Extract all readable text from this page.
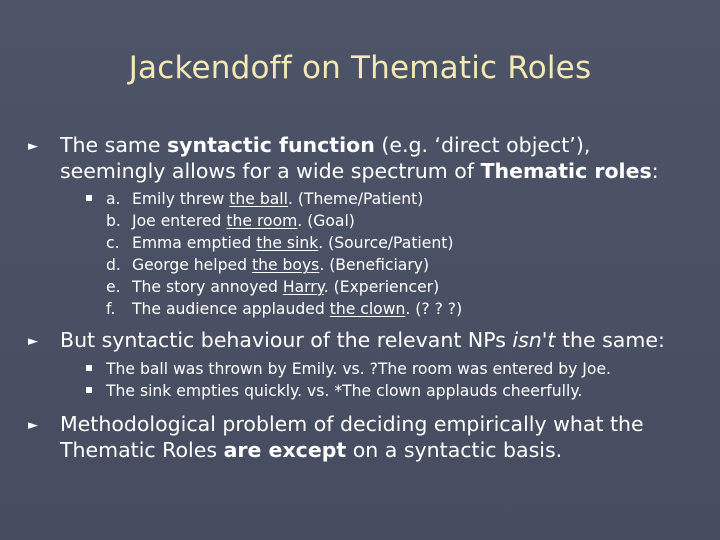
Jackendoff on Thematic Roles
► The same syntactic function (e.g. ‘direct object’), seemingly allows for a wide spectrum of Thematic roles:
a. Emily threw the ball. (Theme/Patient)
b. Joe entered the room. (Goal)
c. Emma emptied the sink. (Source/Patient)
d. George helped the boys. (Beneficiary)
e. The story annoyed Harry. (Experiencer)
f. The audience applauded the clown. (? ? ?)
► But syntactic behaviour of the relevant NPs isn't the same:
The ball was thrown by Emily. vs. ?The room was entered by Joe.
The sink empties quickly. vs. *The clown applauds cheerfully.
► Methodological problem of deciding empirically what the Thematic Roles are except on a syntactic basis.
